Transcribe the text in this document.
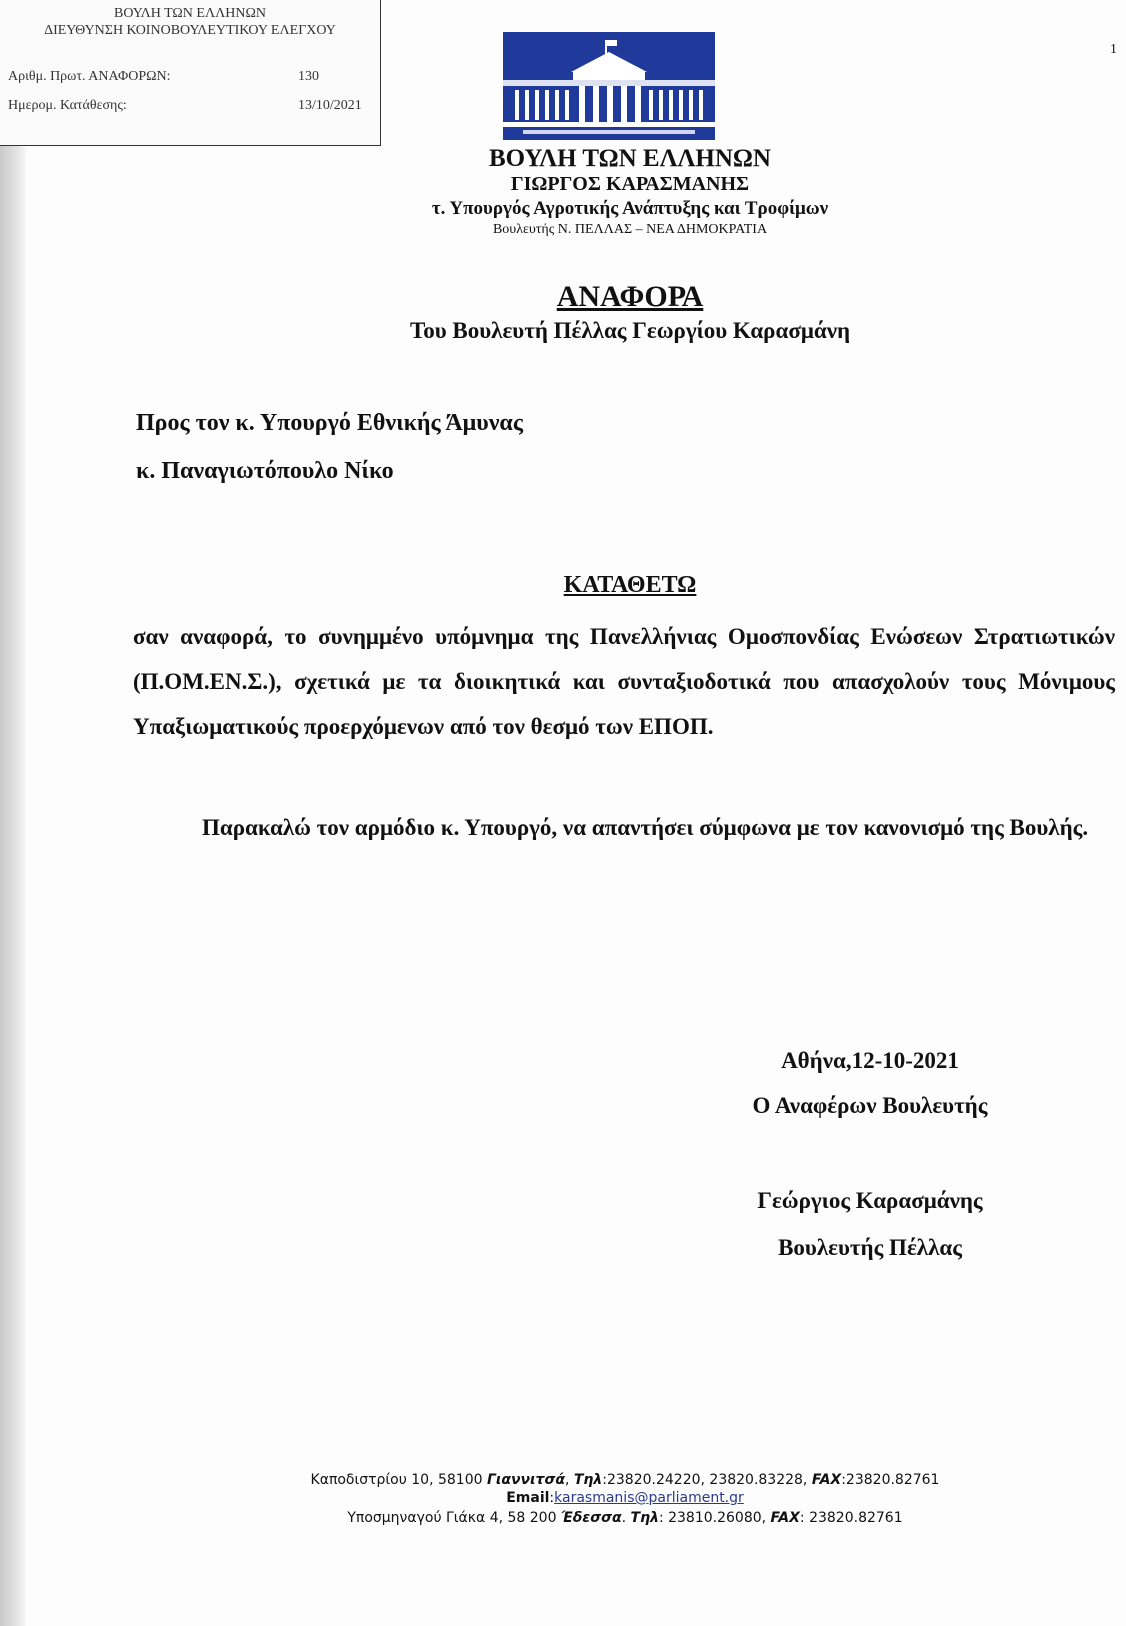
ΒΟΥΛΗ ΤΩΝ ΕΛΛΗΝΩΝ
ΔΙΕΥΘΥΝΣΗ ΚΟΙΝΟΒΟΥΛΕΥΤΙΚΟΥ ΕΛΕΓΧΟΥ
Αριθμ. Πρωτ. ΑΝΑΦΟΡΩΝ:	130
Ημερομ. Κατάθεσης:	13/10/2021
1
ΒΟΥΛΗ ΤΩΝ ΕΛΛΗΝΩΝ
ΓΙΩΡΓΟΣ ΚΑΡΑΣΜΑΝΗΣ
τ. Υπουργός Αγροτικής Ανάπτυξης και Τροφίμων
Βουλευτής Ν. ΠΕΛΛΑΣ – ΝΕΑ ΔΗΜΟΚΡΑΤΙΑ
ΑΝΑΦΟΡΑ
Του Βουλευτή Πέλλας Γεωργίου Καρασμάνη
Προς τον κ. Υπουργό Εθνικής Άμυνας
κ. Παναγιωτόπουλο Νίκο
ΚΑΤΑΘΕΤΩ

σαν αναφορά, το συνημμένο υπόμνημα της Πανελλήνιας Ομοσπονδίας Ενώσεων Στρατιωτικών (Π.ΟΜ.ΕΝ.Σ.), σχετικά με τα διοικητικά και συνταξιοδοτικά που απασχολούν τους Μόνιμους Υπαξιωματικούς προερχόμενων από τον θεσμό των ΕΠΟΠ.

Παρακαλώ τον αρμόδιο κ. Υπουργό, να απαντήσει σύμφωνα με τον κανονισμό της Βουλής.

Αθήνα,12-10-2021
Ο Αναφέρων Βουλευτής
Γεώργιος Καρασμάνης
Βουλευτής Πέλλας
Καποδιστρίου 10, 58100 Γιαννιτσά, Τηλ:23820.24220, 23820.83228, FAX:23820.82761
Email:karasmanis@parliament.gr
Υποσμηναγού Γιάκα 4, 58 200 Έδεσσα. Τηλ: 23810.26080, FAX: 23820.82761
